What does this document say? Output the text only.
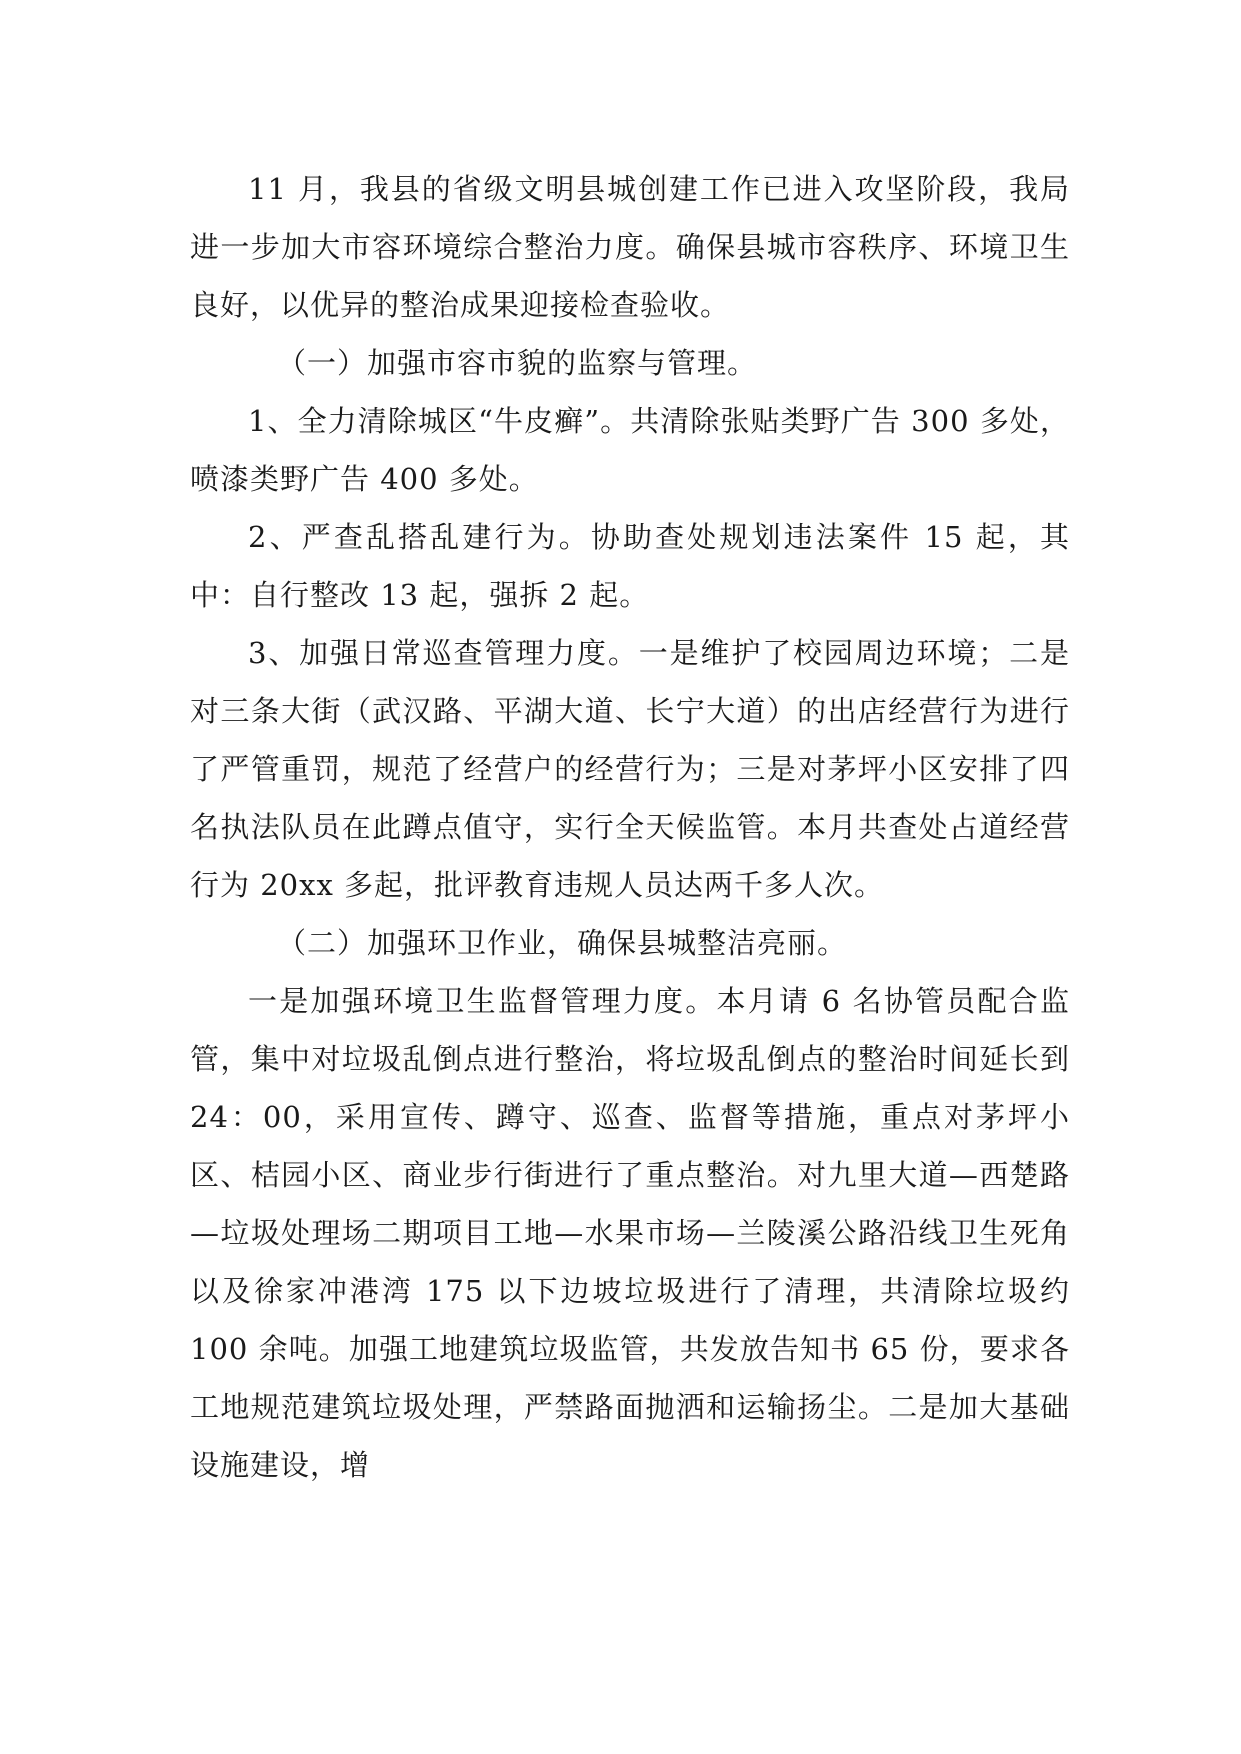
11 月，我县的省级文明县城创建工作已进入攻坚阶段，我局进一步加大市容环境综合整治力度。确保县城市容秩序、环境卫生良好，以优异的整治成果迎接检查验收。

（一）加强市容市貌的监察与管理。

1、全力清除城区“牛皮癣”。共清除张贴类野广告 300 多处，喷漆类野广告 400 多处。

2、严查乱搭乱建行为。协助查处规划违法案件 15 起，其中：自行整改 13 起，强拆 2 起。

3、加强日常巡查管理力度。一是维护了校园周边环境；二是对三条大街（武汉路、平湖大道、长宁大道）的出店经营行为进行了严管重罚，规范了经营户的经营行为；三是对茅坪小区安排了四名执法队员在此蹲点值守，实行全天候监管。本月共查处占道经营行为 20xx 多起，批评教育违规人员达两千多人次。

（二）加强环卫作业，确保县城整洁亮丽。

一是加强环境卫生监督管理力度。本月请 6 名协管员配合监管，集中对垃圾乱倒点进行整治，将垃圾乱倒点的整治时间延长到 24：00，采用宣传、蹲守、巡查、监督等措施，重点对茅坪小区、桔园小区、商业步行街进行了重点整治。对九里大道—西楚路—垃圾处理场二期项目工地—水果市场—兰陵溪公路沿线卫生死角以及徐家冲港湾 175 以下边坡垃圾进行了清理，共清除垃圾约 100 余吨。加强工地建筑垃圾监管，共发放告知书 65 份，要求各工地规范建筑垃圾处理，严禁路面抛洒和运输扬尘。二是加大基础设施建设，增
